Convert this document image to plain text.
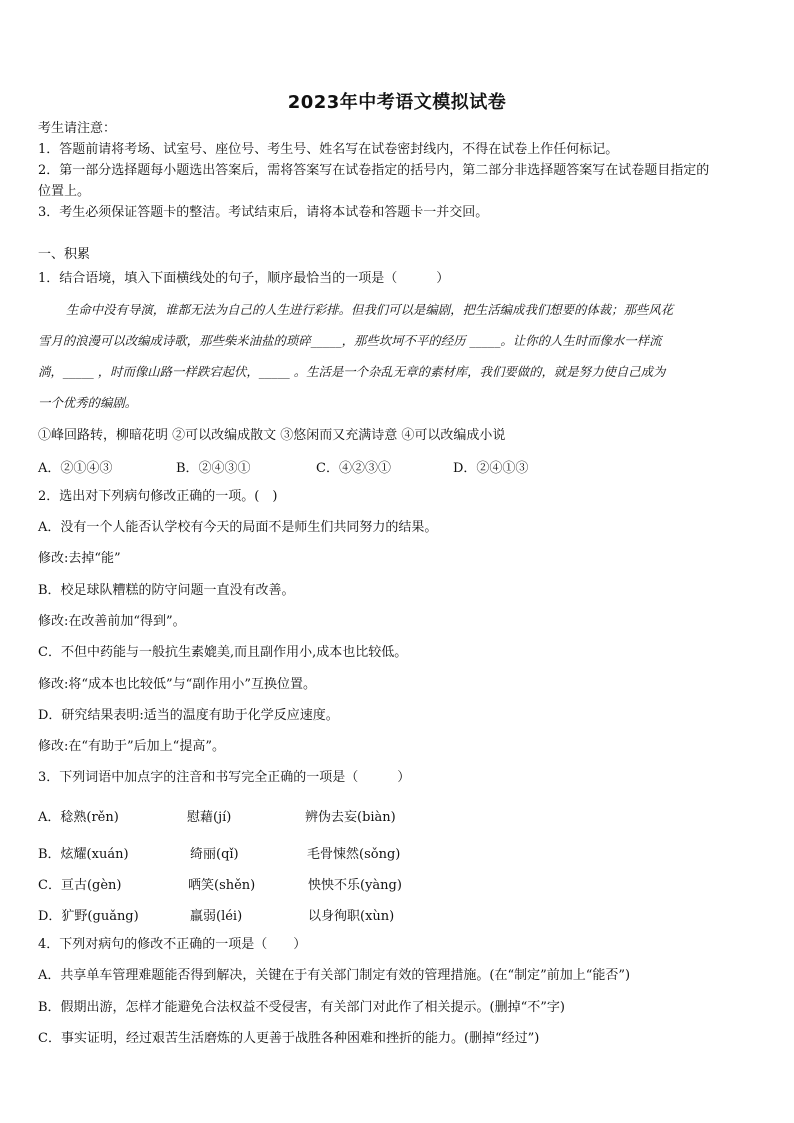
2023年中考语文模拟试卷
考生请注意：
1．答题前请将考场、试室号、座位号、考生号、姓名写在试卷密封线内，不得在试卷上作任何标记。
2．第一部分选择题每小题选出答案后，需将答案写在试卷指定的括号内，第二部分非选择题答案写在试卷题目指定的
位置上。
3．考生必须保证答题卡的整洁。考试结束后，请将本试卷和答题卡一并交回。
一、积累
1．结合语境，填入下面横线处的句子，顺序最恰当的一项是（　　　）
生命中没有导演，谁都无法为自己的人生进行彩排。但我们可以是编剧，把生活编成我们想要的体裁；那些风花
雪月的浪漫可以改编成诗歌，那些柴米油盐的琐碎_____，那些坎坷不平的经历 _____。让你的人生时而像水一样流
淌，_____ ，时而像山路一样跌宕起伏，_____ 。生活是一个杂乱无章的素材库，我们要做的，就是努力使自己成为
一个优秀的编剧。
①峰回路转，柳暗花明 ②可以改编成散文 ③悠闲而又充满诗意 ④可以改编成小说
A．②①④③	B．②④③①	C．④②③①	D．②④①③
2．选出对下列病句修改正确的一项。(　)
A．没有一个人能否认学校有今天的局面不是师生们共同努力的结果。
修改:去掉“能”
B．校足球队糟糕的防守问题一直没有改善。
修改:在改善前加“得到”。
C．不但中药能与一般抗生素媲美,而且副作用小,成本也比较低。
修改:将“成本也比较低”与“副作用小”互换位置。
D．研究结果表明:适当的温度有助于化学反应速度。
修改:在“有助于”后加上“提高”。
3．下列词语中加点字的注音和书写完全正确的一项是（　　　）
A．稔熟(rěn)	慰藉(jí)	辨伪去妄(biàn)
B．炫耀(xuán)	绮丽(qǐ)	毛骨悚然(sǒng)
C．亘古(gèn)	哂笑(shěn)	怏怏不乐(yàng)
D．犷野(guǎng)	羸弱(léi)	以身徇职(xùn)
4．下列对病句的修改不正确的一项是（　　）
A．共享单车管理难题能否得到解决，关键在于有关部门制定有效的管理措施。(在“制定”前加上“能否”)
B．假期出游，怎样才能避免合法权益不受侵害，有关部门对此作了相关提示。(删掉“不”字)
C．事实证明，经过艰苦生活磨炼的人更善于战胜各种困难和挫折的能力。(删掉“经过”)
